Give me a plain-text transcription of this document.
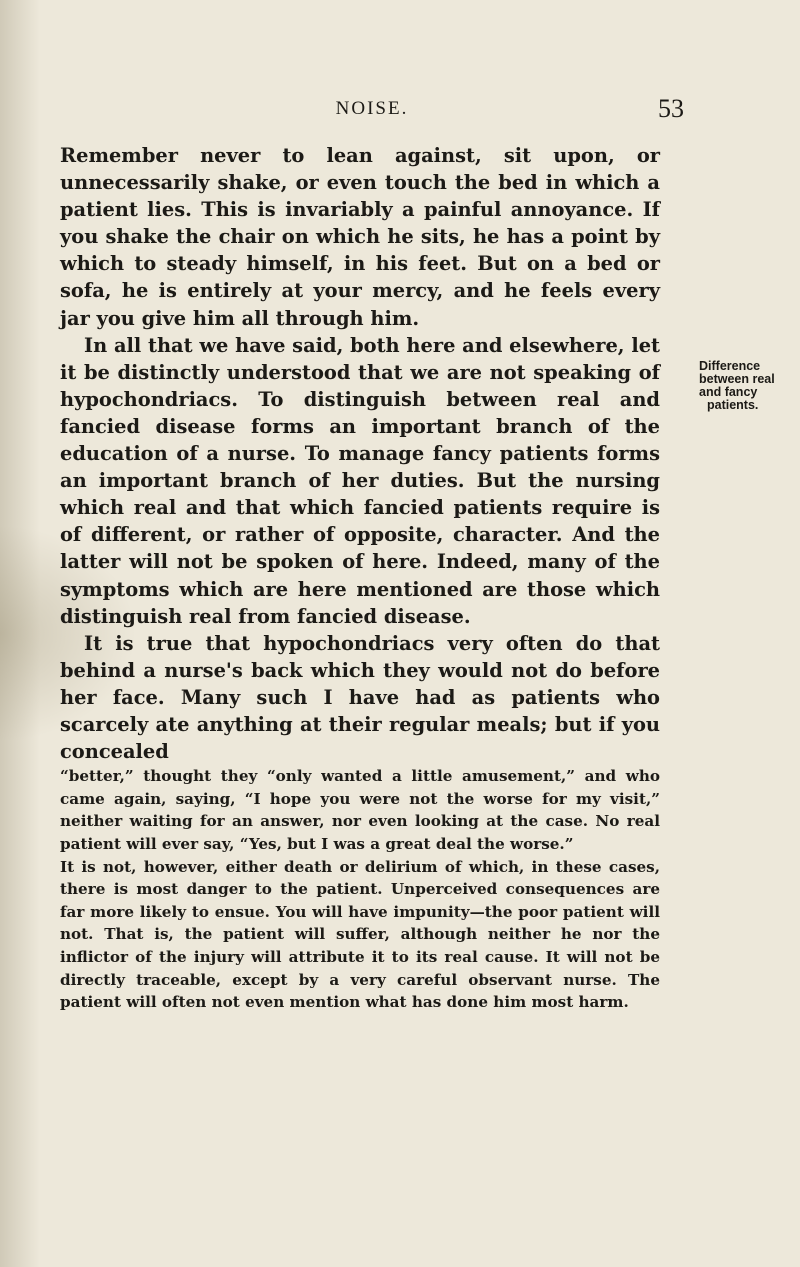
NOISE.	53

Remember never to lean against, sit upon, or unnecessarily shake, or even touch the bed in which a patient lies. This is invariably a painful annoyance. If you shake the chair on which he sits, he has a point by which to steady himself, in his feet. But on a bed or sofa, he is entirely at your mercy, and he feels every jar you give him all through him.

In all that we have said, both here and elsewhere, let it be distinctly understood that we are not speaking of hypochondriacs. To distinguish between real and fancied disease forms an important branch of the education of a nurse. To manage fancy patients forms an important branch of her duties. But the nursing which real and that which fancied patients require is of different, or rather of opposite, character. And the latter will not be spoken of here. Indeed, many of the symptoms which are here mentioned are those which distinguish real from fancied disease.

It is true that hypochondriacs very often do that behind a nurse's back which they would not do before her face. Many such I have had as patients who scarcely ate anything at their regular meals; but if you concealed

“better,” thought they “only wanted a little amusement,” and who came again, saying, “I hope you were not the worse for my visit,” neither waiting for an answer, nor even looking at the case. No real patient will ever say, “Yes, but I was a great deal the worse.”

It is not, however, either death or delirium of which, in these cases, there is most danger to the patient. Unperceived consequences are far more likely to ensue. You will have impunity—the poor patient will not. That is, the patient will suffer, although neither he nor the inflictor of the injury will attribute it to its real cause. It will not be directly traceable, except by a very careful observant nurse. The patient will often not even mention what has done him most harm.

Difference
between real
and fancy
patients.
